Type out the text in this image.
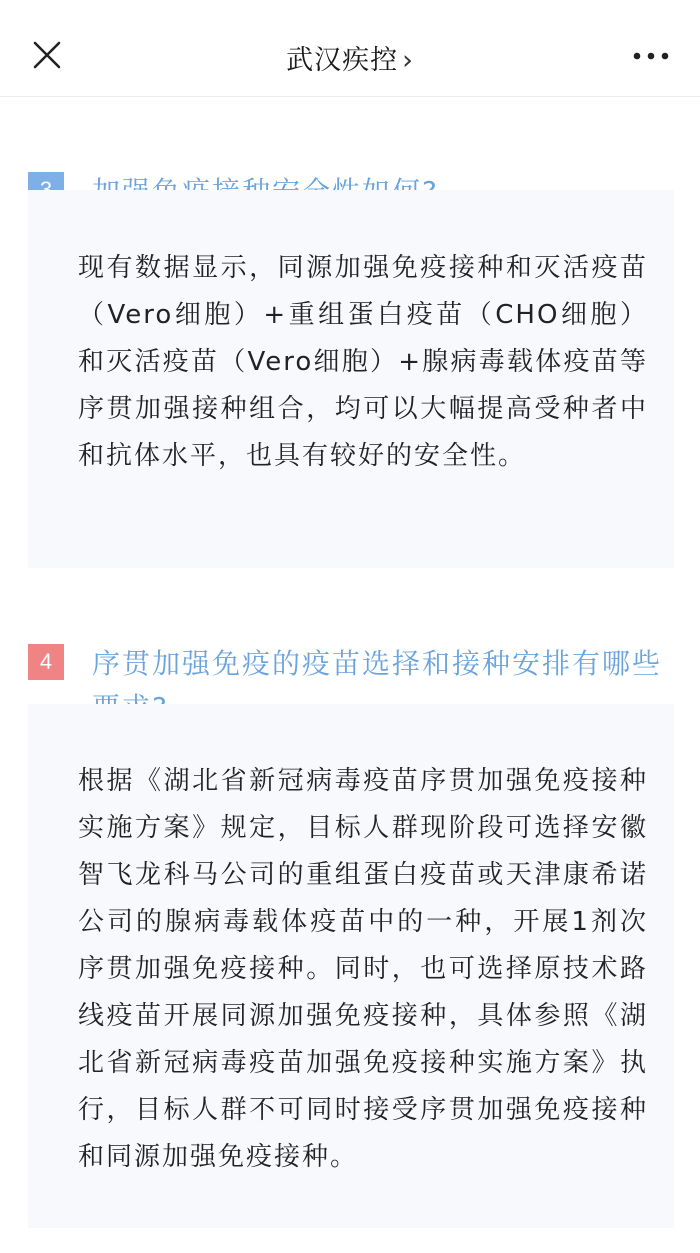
武汉疾控 ›
现有数据显示，同源加强免疫接种和灭活疫苗（Vero细胞）+重组蛋白疫苗（CHO细胞）和灭活疫苗（Vero细胞）+腺病毒载体疫苗等序贯加强接种组合，均可以大幅提高受种者中和抗体水平，也具有较好的安全性。
4	序贯加强免疫的疫苗选择和接种安排有哪些
根据《湖北省新冠病毒疫苗序贯加强免疫接种实施方案》规定，目标人群现阶段可选择安徽智飞龙科马公司的重组蛋白疫苗或天津康希诺公司的腺病毒载体疫苗中的一种，开展1剂次序贯加强免疫接种。同时，也可选择原技术路线疫苗开展同源加强免疫接种，具体参照《湖北省新冠病毒疫苗加强免疫接种实施方案》执行，目标人群不可同时接受序贯加强免疫接种和同源加强免疫接种。
